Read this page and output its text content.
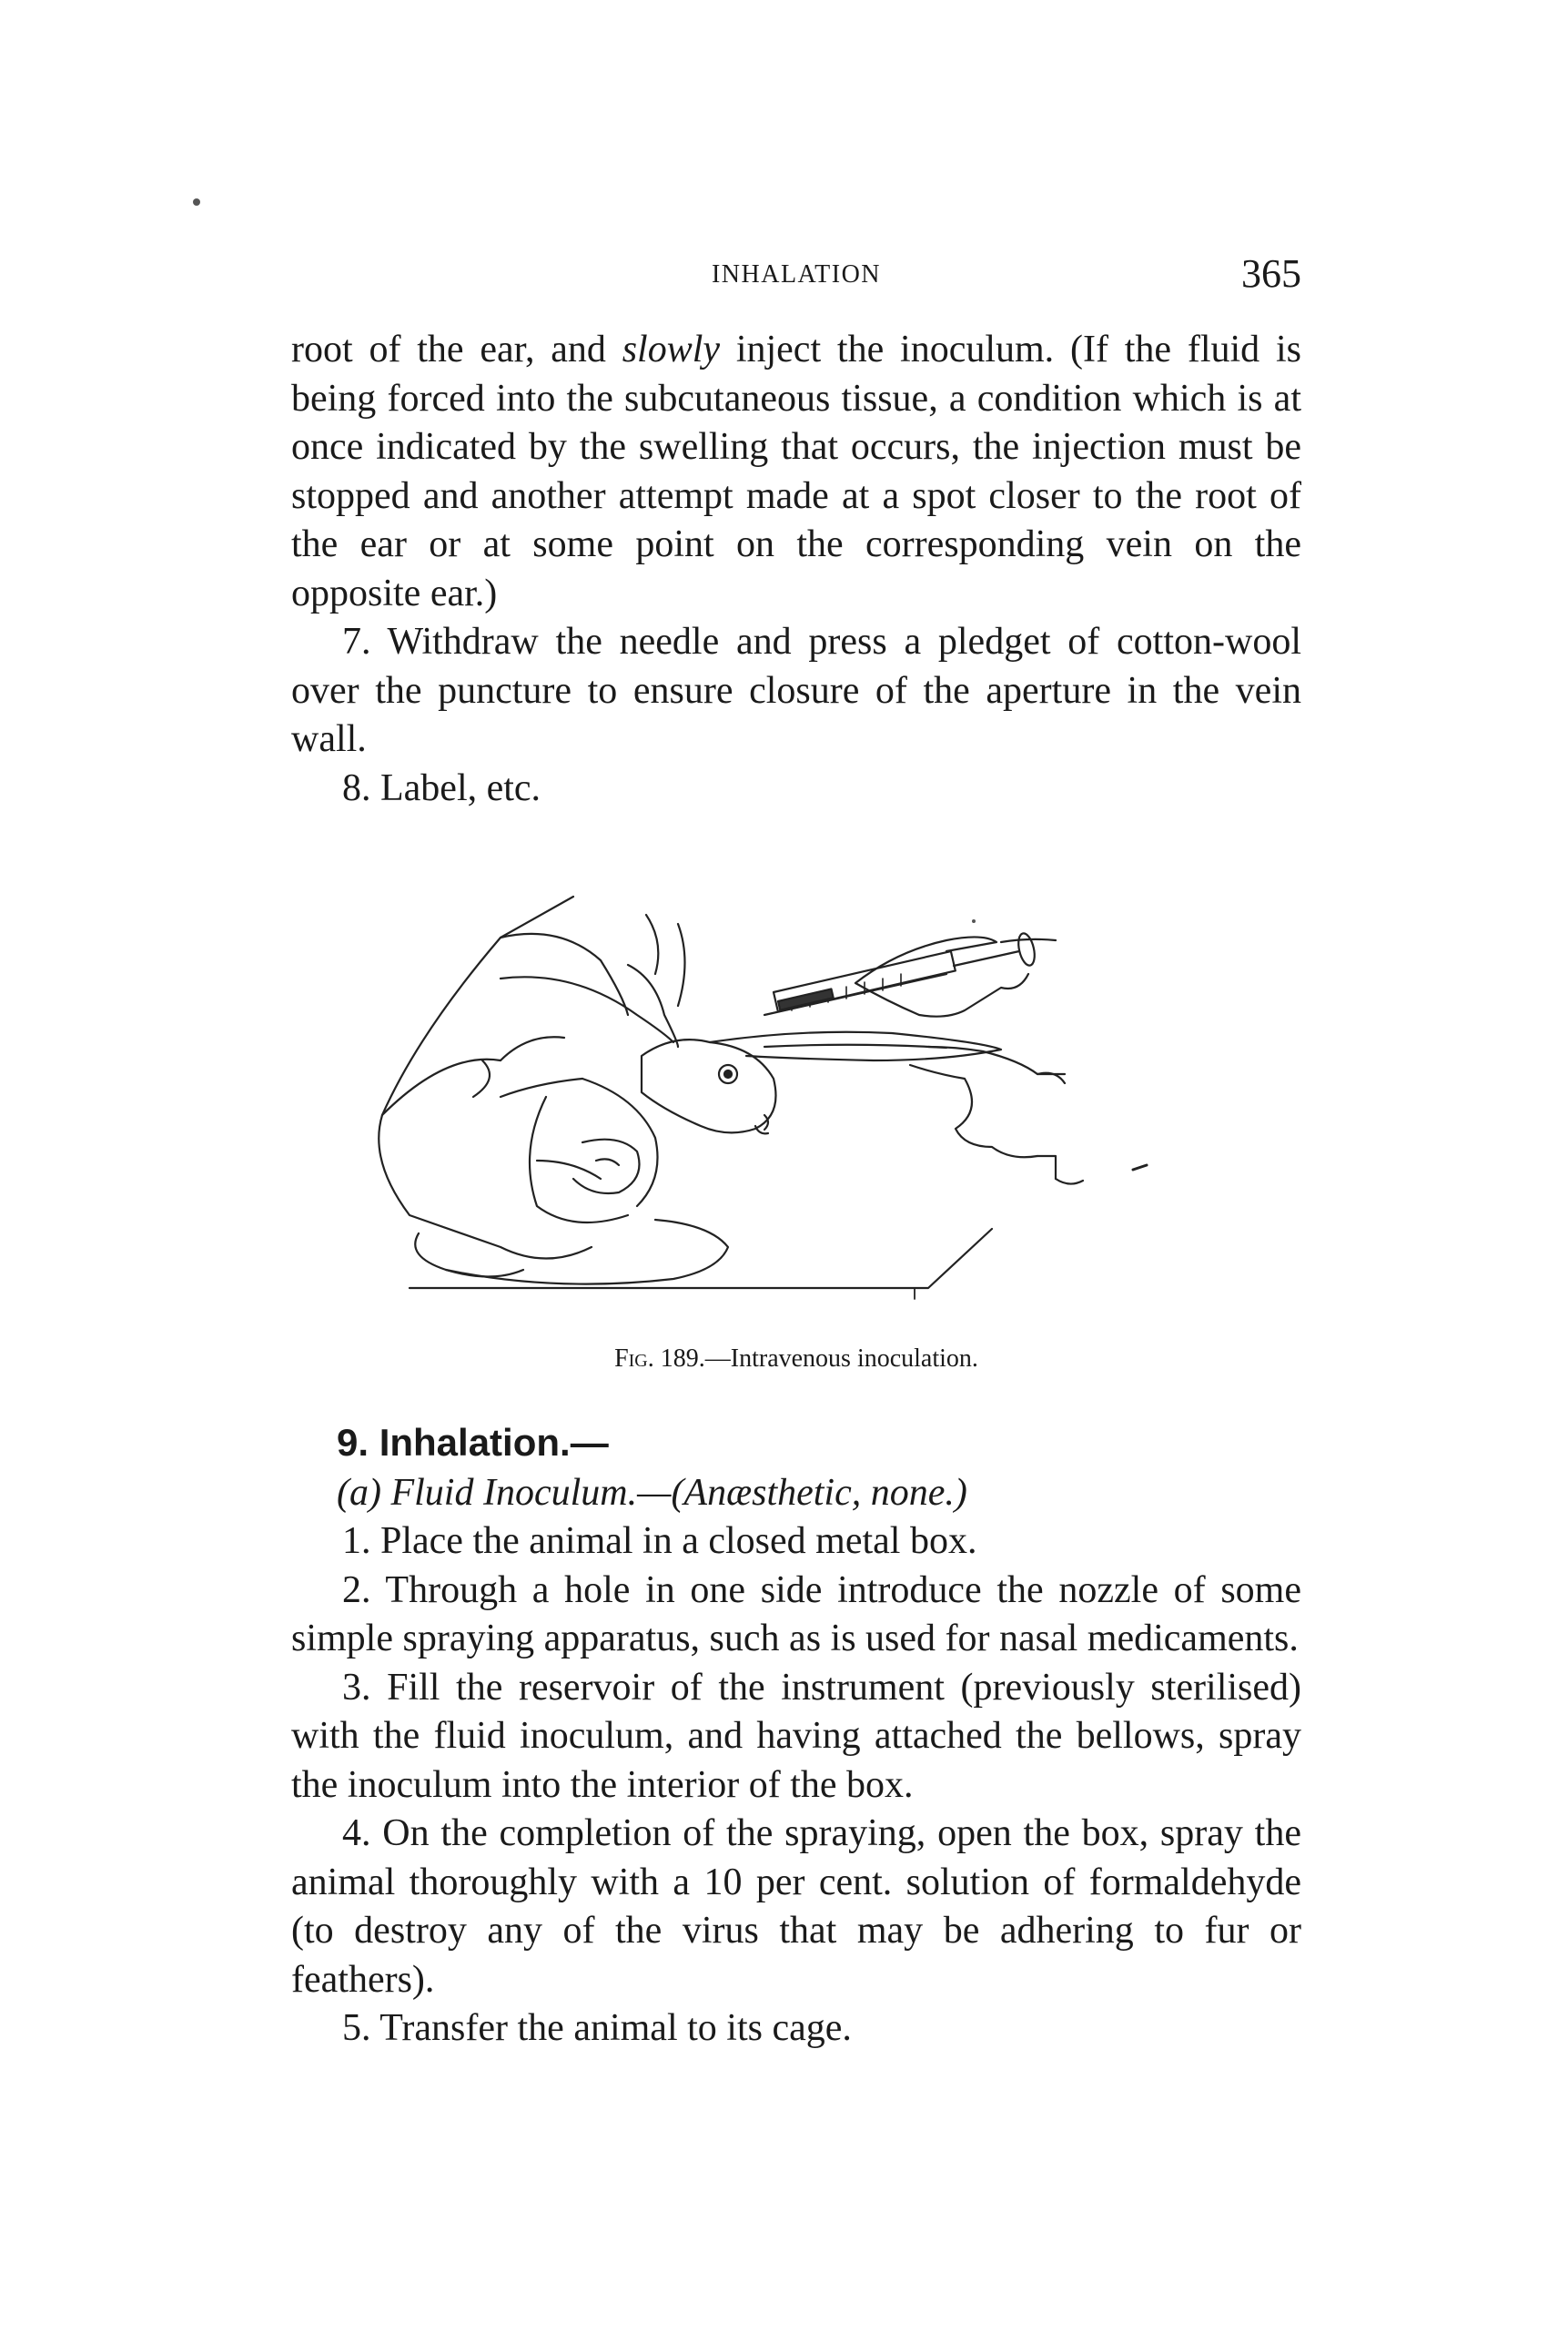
INHALATION	365

root of the ear, and slowly inject the inoculum. (If the fluid is being forced into the subcutaneous tissue, a condition which is at once indicated by the swelling that occurs, the injection must be stopped and another attempt made at a spot closer to the root of the ear or at some point on the corresponding vein on the opposite ear.)

7. Withdraw the needle and press a pledget of cotton-wool over the puncture to ensure closure of the aperture in the vein wall.

8. Label, etc.

Fig. 189.—Intravenous inoculation.

9. Inhalation.—

(a) Fluid Inoculum.—(Anæsthetic, none.)

1. Place the animal in a closed metal box.

2. Through a hole in one side introduce the nozzle of some simple spraying apparatus, such as is used for nasal medicaments.

3. Fill the reservoir of the instrument (previously sterilised) with the fluid inoculum, and having attached the bellows, spray the inoculum into the interior of the box.

4. On the completion of the spraying, open the box, spray the animal thoroughly with a 10 per cent. solution of formaldehyde (to destroy any of the virus that may be adhering to fur or feathers).

5. Transfer the animal to its cage.
